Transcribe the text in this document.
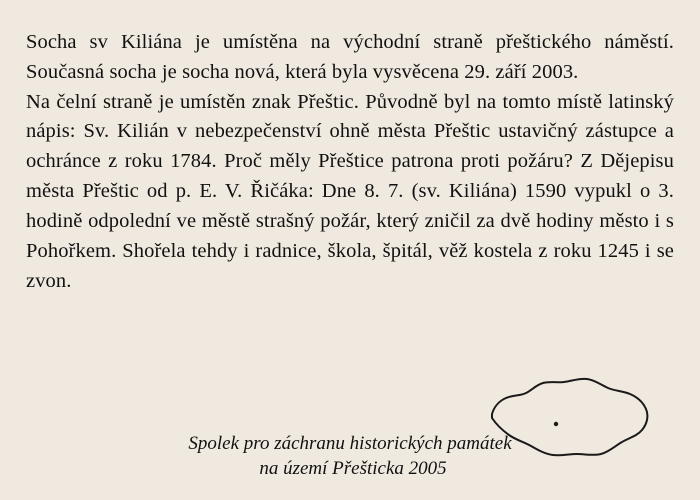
Socha sv Kiliána je umístěna na východní straně přeštického náměstí. Současná socha je socha nová, která byla vysvěcena 29. září 2003.

Na čelní straně je umístěn znak Přeštic. Původně byl na tomto místě latinský nápis: Sv. Kilián v nebezpečenství ohně města Přeštic ustavičný zástupce a ochránce z roku 1784. Proč měly Přeštice patrona proti požáru? Z Dějepisu města Přeštic od p. E. V. Řičáka: Dne 8. 7. (sv. Kiliána) 1590 vypukl o 3. hodině odpolední ve městě strašný požár, který zničil za dvě hodiny město i s Pohořkem. Shořela tehdy i radnice, škola, špitál, věž kostela z roku 1245 i se zvon.

Spolek pro záchranu historických památek
na území Přešticka 2005
